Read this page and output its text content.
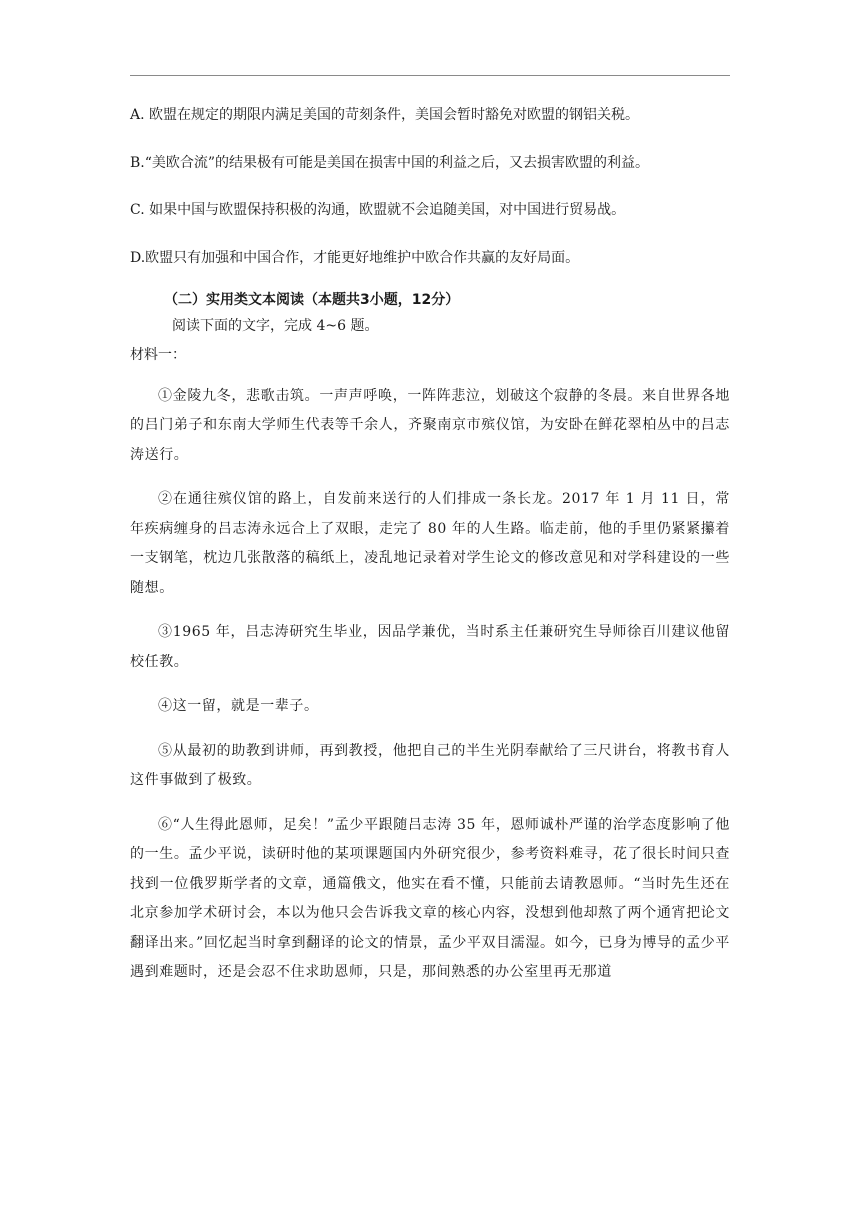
A. 欧盟在规定的期限内满足美国的苛刻条件，美国会暂时豁免对欧盟的钢铝关税。

B.“美欧合流”的结果极有可能是美国在损害中国的利益之后，又去损害欧盟的利益。

C. 如果中国与欧盟保持积极的沟通，欧盟就不会追随美国，对中国进行贸易战。

D.欧盟只有加强和中国合作，才能更好地维护中欧合作共赢的友好局面。

（二）实用类文本阅读（本题共3小题，12分）

阅读下面的文字，完成 4~6 题。

材料一：

①金陵九冬，悲歌击筑。一声声呼唤，一阵阵悲泣，划破这个寂静的冬晨。来自世界各地的吕门弟子和东南大学师生代表等千余人，齐聚南京市殡仪馆，为安卧在鲜花翠柏丛中的吕志涛送行。

②在通往殡仪馆的路上，自发前来送行的人们排成一条长龙。2017 年 1 月 11 日，常年疾病缠身的吕志涛永远合上了双眼，走完了 80 年的人生路。临走前，他的手里仍紧紧攥着一支钢笔，枕边几张散落的稿纸上，凌乱地记录着对学生论文的修改意见和对学科建设的一些随想。

③1965 年，吕志涛研究生毕业，因品学兼优，当时系主任兼研究生导师徐百川建议他留校任教。

④这一留，就是一辈子。

⑤从最初的助教到讲师，再到教授，他把自己的半生光阴奉献给了三尺讲台，将教书育人这件事做到了极致。

⑥“人生得此恩师，足矣！”孟少平跟随吕志涛 35 年，恩师诚朴严谨的治学态度影响了他的一生。孟少平说，读研时他的某项课题国内外研究很少，参考资料难寻，花了很长时间只查找到一位俄罗斯学者的文章，通篇俄文，他实在看不懂，只能前去请教恩师。“当时先生还在北京参加学术研讨会，本以为他只会告诉我文章的核心内容，没想到他却熬了两个通宵把论文翻译出来。”回忆起当时拿到翻译的论文的情景，孟少平双目濡湿。如今，已身为博导的孟少平遇到难题时，还是会忍不住求助恩师，只是，那间熟悉的办公室里再无那道
